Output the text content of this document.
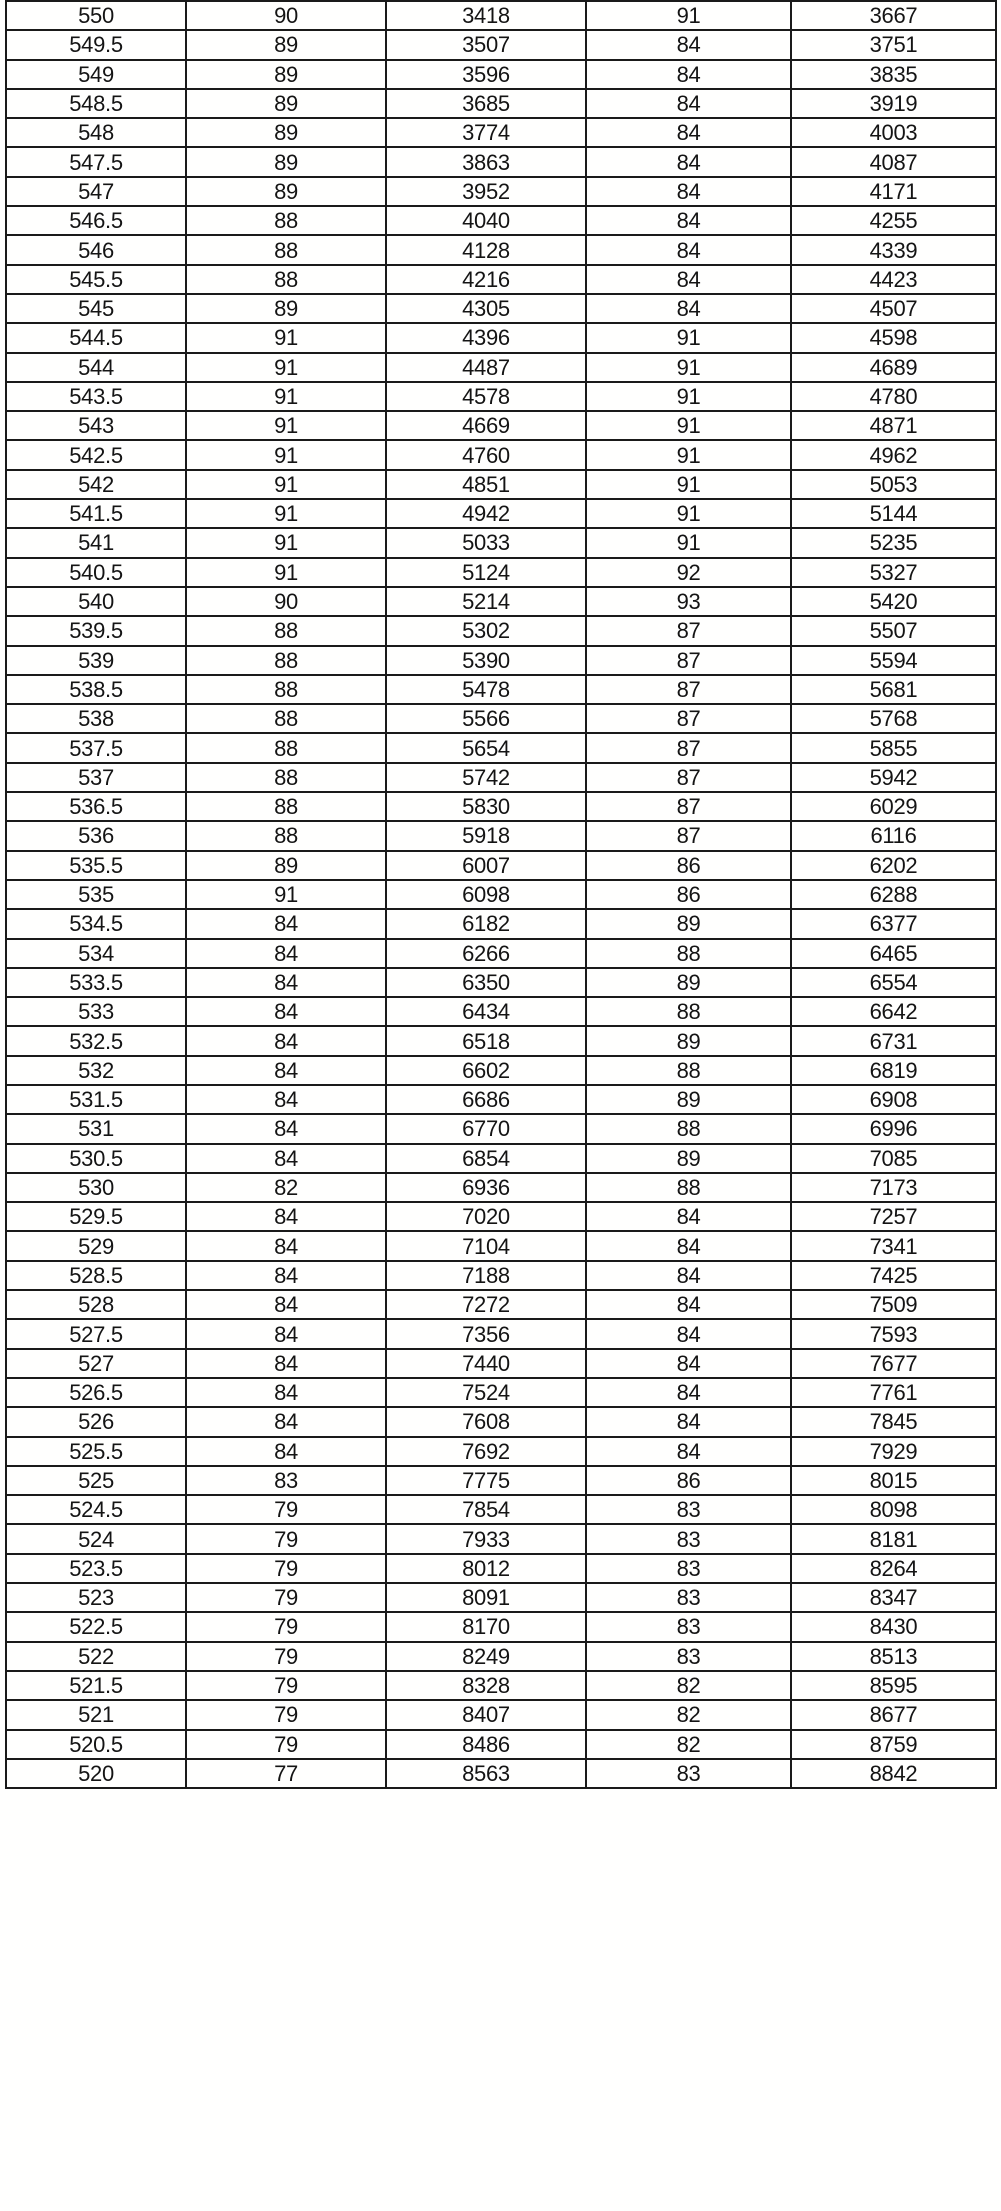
550	90	3418	91	3667
549.5	89	3507	84	3751
549	89	3596	84	3835
548.5	89	3685	84	3919
548	89	3774	84	4003
547.5	89	3863	84	4087
547	89	3952	84	4171
546.5	88	4040	84	4255
546	88	4128	84	4339
545.5	88	4216	84	4423
545	89	4305	84	4507
544.5	91	4396	91	4598
544	91	4487	91	4689
543.5	91	4578	91	4780
543	91	4669	91	4871
542.5	91	4760	91	4962
542	91	4851	91	5053
541.5	91	4942	91	5144
541	91	5033	91	5235
540.5	91	5124	92	5327
540	90	5214	93	5420
539.5	88	5302	87	5507
539	88	5390	87	5594
538.5	88	5478	87	5681
538	88	5566	87	5768
537.5	88	5654	87	5855
537	88	5742	87	5942
536.5	88	5830	87	6029
536	88	5918	87	6116
535.5	89	6007	86	6202
535	91	6098	86	6288
534.5	84	6182	89	6377
534	84	6266	88	6465
533.5	84	6350	89	6554
533	84	6434	88	6642
532.5	84	6518	89	6731
532	84	6602	88	6819
531.5	84	6686	89	6908
531	84	6770	88	6996
530.5	84	6854	89	7085
530	82	6936	88	7173
529.5	84	7020	84	7257
529	84	7104	84	7341
528.5	84	7188	84	7425
528	84	7272	84	7509
527.5	84	7356	84	7593
527	84	7440	84	7677
526.5	84	7524	84	7761
526	84	7608	84	7845
525.5	84	7692	84	7929
525	83	7775	86	8015
524.5	79	7854	83	8098
524	79	7933	83	8181
523.5	79	8012	83	8264
523	79	8091	83	8347
522.5	79	8170	83	8430
522	79	8249	83	8513
521.5	79	8328	82	8595
521	79	8407	82	8677
520.5	79	8486	82	8759
520	77	8563	83	8842
